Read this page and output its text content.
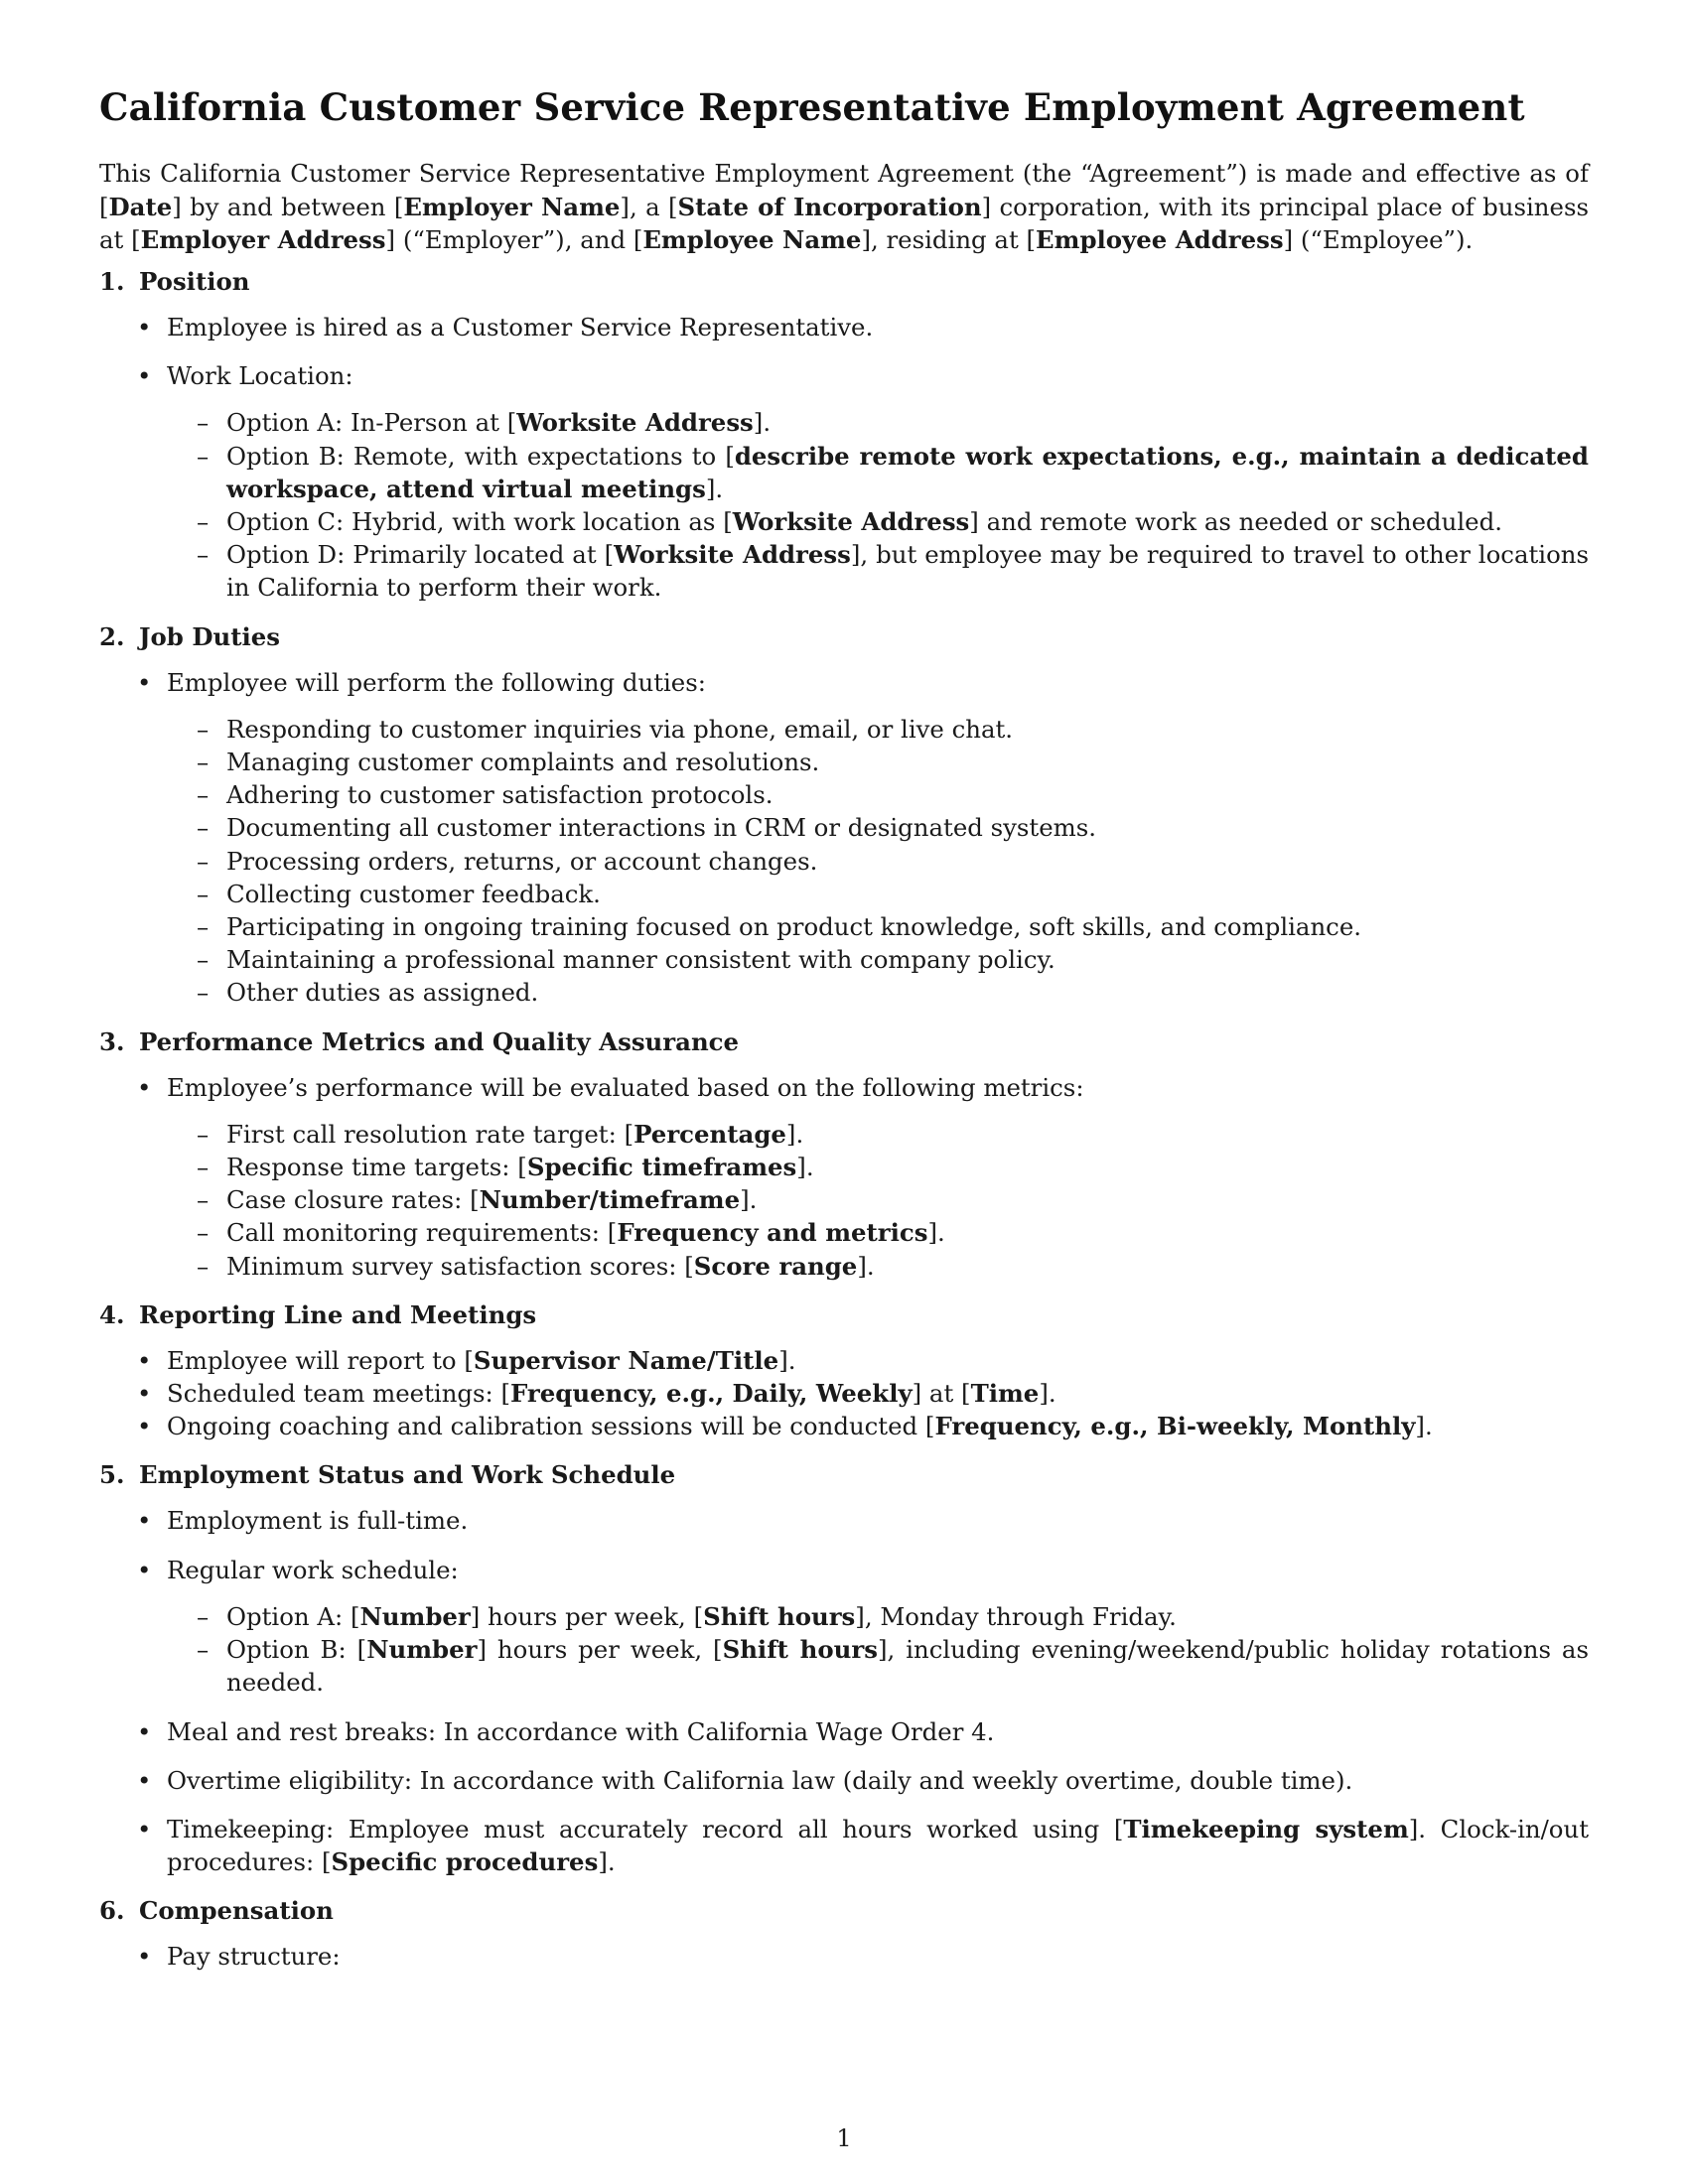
California Customer Service Representative Employment Agreement

This California Customer Service Representative Employment Agreement (the “Agreement”) is made and effective as of [Date] by and between [Employer Name], a [State of Incorporation] corporation, with its principal place of business at [Employer Address] (“Employer”), and [Employee Name], residing at [Employee Address] (“Employee”).

1. Position
• Employee is hired as a Customer Service Representative.
• Work Location:
– Option A: In-Person at [Worksite Address].
– Option B: Remote, with expectations to [describe remote work expectations, e.g., maintain a dedicated workspace, attend virtual meetings].
– Option C: Hybrid, with work location as [Worksite Address] and remote work as needed or scheduled.
– Option D: Primarily located at [Worksite Address], but employee may be required to travel to other locations in California to perform their work.
2. Job Duties
• Employee will perform the following duties:
– Responding to customer inquiries via phone, email, or live chat.
– Managing customer complaints and resolutions.
– Adhering to customer satisfaction protocols.
– Documenting all customer interactions in CRM or designated systems.
– Processing orders, returns, or account changes.
– Collecting customer feedback.
– Participating in ongoing training focused on product knowledge, soft skills, and compliance.
– Maintaining a professional manner consistent with company policy.
– Other duties as assigned.
3. Performance Metrics and Quality Assurance
• Employee’s performance will be evaluated based on the following metrics:
– First call resolution rate target: [Percentage].
– Response time targets: [Specific timeframes].
– Case closure rates: [Number/timeframe].
– Call monitoring requirements: [Frequency and metrics].
– Minimum survey satisfaction scores: [Score range].
4. Reporting Line and Meetings
• Employee will report to [Supervisor Name/Title].
• Scheduled team meetings: [Frequency, e.g., Daily, Weekly] at [Time].
• Ongoing coaching and calibration sessions will be conducted [Frequency, e.g., Bi-weekly, Monthly].
5. Employment Status and Work Schedule
• Employment is full-time.
• Regular work schedule:
– Option A: [Number] hours per week, [Shift hours], Monday through Friday.
– Option B: [Number] hours per week, [Shift hours], including evening/weekend/public holiday rotations as needed.
• Meal and rest breaks: In accordance with California Wage Order 4.
• Overtime eligibility: In accordance with California law (daily and weekly overtime, double time).
• Timekeeping: Employee must accurately record all hours worked using [Timekeeping system]. Clock-in/out procedures: [Specific procedures].
6. Compensation
• Pay structure:
1
